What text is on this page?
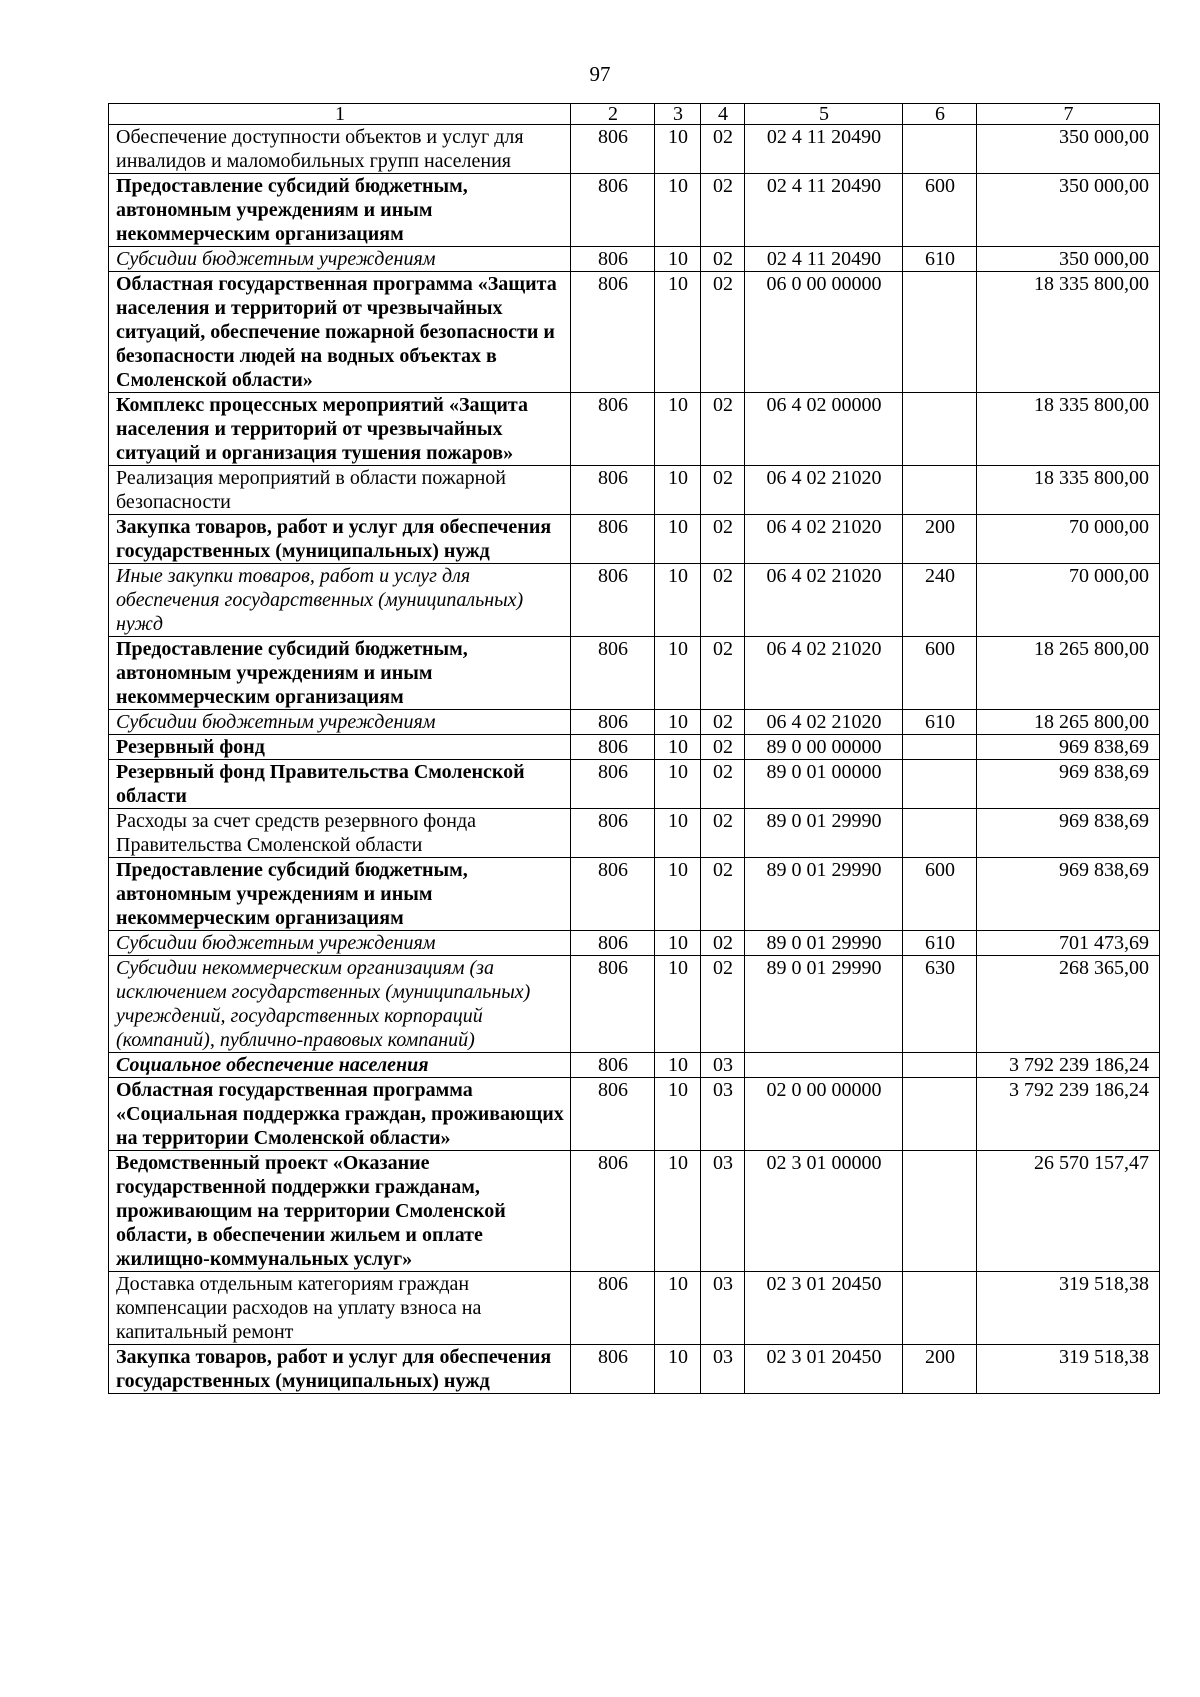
97
1	2	3	4	5	6	7
Обеспечение доступности объектов и услуг для инвалидов и маломобильных групп населения	806	10	02	02 4 11 20490		350 000,00
Предоставление субсидий бюджетным, автономным учреждениям и иным некоммерческим организациям	806	10	02	02 4 11 20490	600	350 000,00
Субсидии бюджетным учреждениям	806	10	02	02 4 11 20490	610	350 000,00
Областная государственная программа «Защита населения и территорий от чрезвычайных ситуаций, обеспечение пожарной безопасности и безопасности людей на водных объектах в Смоленской области»	806	10	02	06 0 00 00000		18 335 800,00
Комплекс процессных мероприятий «Защита населения и территорий от чрезвычайных ситуаций и организация тушения пожаров»	806	10	02	06 4 02 00000		18 335 800,00
Реализация мероприятий в области пожарной безопасности	806	10	02	06 4 02 21020		18 335 800,00
Закупка товаров, работ и услуг для обеспечения государственных (муниципальных) нужд	806	10	02	06 4 02 21020	200	70 000,00
Иные закупки товаров, работ и услуг для обеспечения государственных (муниципальных) нужд	806	10	02	06 4 02 21020	240	70 000,00
Предоставление субсидий бюджетным, автономным учреждениям и иным некоммерческим организациям	806	10	02	06 4 02 21020	600	18 265 800,00
Субсидии бюджетным учреждениям	806	10	02	06 4 02 21020	610	18 265 800,00
Резервный фонд	806	10	02	89 0 00 00000		969 838,69
Резервный фонд Правительства Смоленской области	806	10	02	89 0 01 00000		969 838,69
Расходы за счет средств резервного фонда Правительства Смоленской области	806	10	02	89 0 01 29990		969 838,69
Предоставление субсидий бюджетным, автономным учреждениям и иным некоммерческим организациям	806	10	02	89 0 01 29990	600	969 838,69
Субсидии бюджетным учреждениям	806	10	02	89 0 01 29990	610	701 473,69
Субсидии некоммерческим организациям (за исключением государственных (муниципальных) учреждений, государственных корпораций (компаний), публично-правовых компаний)	806	10	02	89 0 01 29990	630	268 365,00
Социальное обеспечение населения	806	10	03			3 792 239 186,24
Областная государственная программа «Социальная поддержка граждан, проживающих на территории Смоленской области»	806	10	03	02 0 00 00000		3 792 239 186,24
Ведомственный проект «Оказание государственной поддержки гражданам, проживающим на территории Смоленской области, в обеспечении жильем и оплате жилищно-коммунальных услуг»	806	10	03	02 3 01 00000		26 570 157,47
Доставка отдельным категориям граждан компенсации расходов на уплату взноса на капитальный ремонт	806	10	03	02 3 01 20450		319 518,38
Закупка товаров, работ и услуг для обеспечения государственных (муниципальных) нужд	806	10	03	02 3 01 20450	200	319 518,38
